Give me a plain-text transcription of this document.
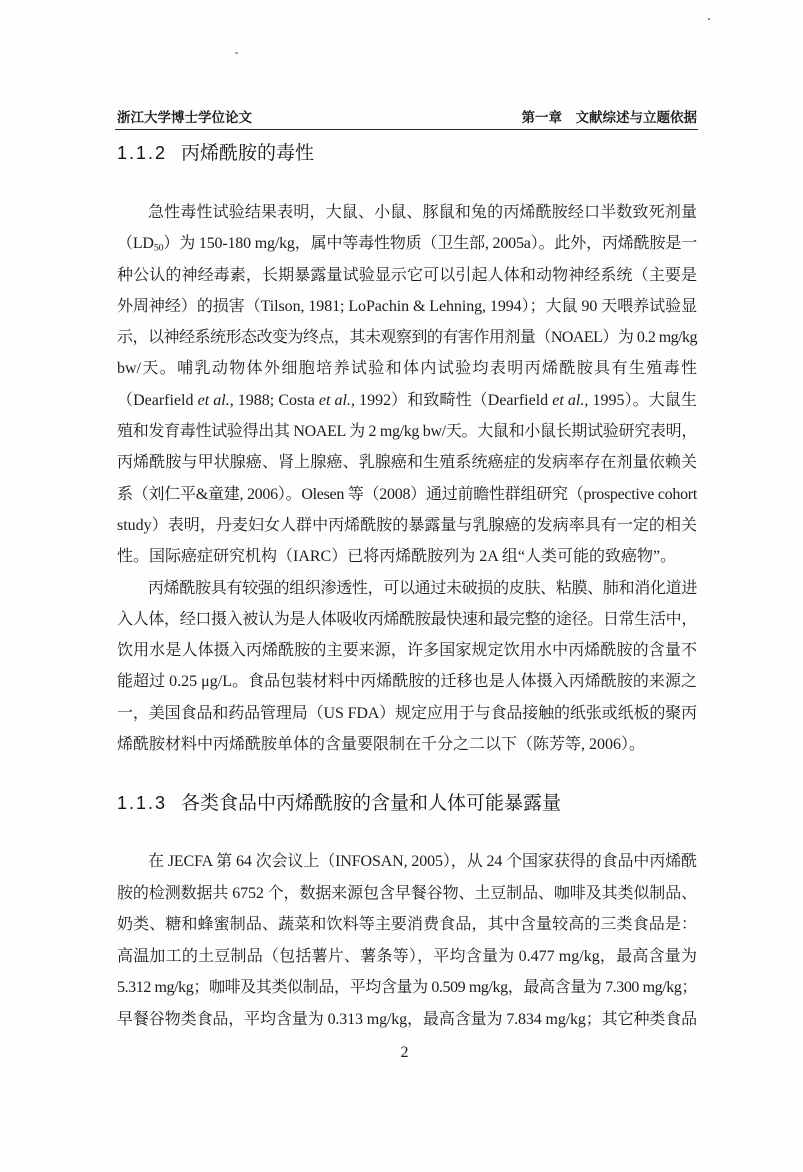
浙江大学博士学位论文	第一章　文献综述与立题依据
1.1.2 丙烯酰胺的毒性
急性毒性试验结果表明，大鼠、小鼠、豚鼠和兔的丙烯酰胺经口半数致死剂量
$(LD_{50})$为 150-180 mg/kg，属中等毒性物质（卫生部, 2005a）。此外，丙烯酰胺是一
种公认的神经毒素，长期暴露量试验显示它可以引起人体和动物神经系统（主要是
外周神经）的损害（Tilson, 1981; LoPachin & Lehning, 1994）；大鼠 90 天喂养试验显
示，以神经系统形态改变为终点，其未观察到的有害作用剂量（NOAEL）为 0.2 mg/kg
bw/天。哺乳动物体外细胞培养试验和体内试验均表明丙烯酰胺具有生殖毒性
（Dearfield et al., 1988; Costa et al., 1992）和致畸性（Dearfield et al., 1995）。大鼠生
殖和发育毒性试验得出其 NOAEL 为 2 mg/kg bw/天。大鼠和小鼠长期试验研究表明，
丙烯酰胺与甲状腺癌、肾上腺癌、乳腺癌和生殖系统癌症的发病率存在剂量依赖关
系（刘仁平&童建, 2006）。Olesen 等（2008）通过前瞻性群组研究（prospective cohort
study）表明，丹麦妇女人群中丙烯酰胺的暴露量与乳腺癌的发病率具有一定的相关
性。国际癌症研究机构（IARC）已将丙烯酰胺列为 2A 组“人类可能的致癌物”。
丙烯酰胺具有较强的组织渗透性，可以通过未破损的皮肤、粘膜、肺和消化道进
入人体，经口摄入被认为是人体吸收丙烯酰胺最快速和最完整的途径。日常生活中，
饮用水是人体摄入丙烯酰胺的主要来源，许多国家规定饮用水中丙烯酰胺的含量不
能超过 0.25 μg/L。食品包装材料中丙烯酰胺的迁移也是人体摄入丙烯酰胺的来源之
一，美国食品和药品管理局（US FDA）规定应用于与食品接触的纸张或纸板的聚丙
烯酰胺材料中丙烯酰胺单体的含量要限制在千分之二以下（陈芳等, 2006）。
1.1.3 各类食品中丙烯酰胺的含量和人体可能暴露量
在 JECFA 第 64 次会议上（INFOSAN, 2005），从 24 个国家获得的食品中丙烯酰
胺的检测数据共 6752 个，数据来源包含早餐谷物、土豆制品、咖啡及其类似制品、
奶类、糖和蜂蜜制品、蔬菜和饮料等主要消费食品，其中含量较高的三类食品是：
高温加工的土豆制品（包括薯片、薯条等），平均含量为 0.477 mg/kg，最高含量为
5.312 mg/kg；咖啡及其类似制品，平均含量为 0.509 mg/kg，最高含量为 7.300 mg/kg；
早餐谷物类食品，平均含量为 0.313 mg/kg，最高含量为 7.834 mg/kg；其它种类食品
2
